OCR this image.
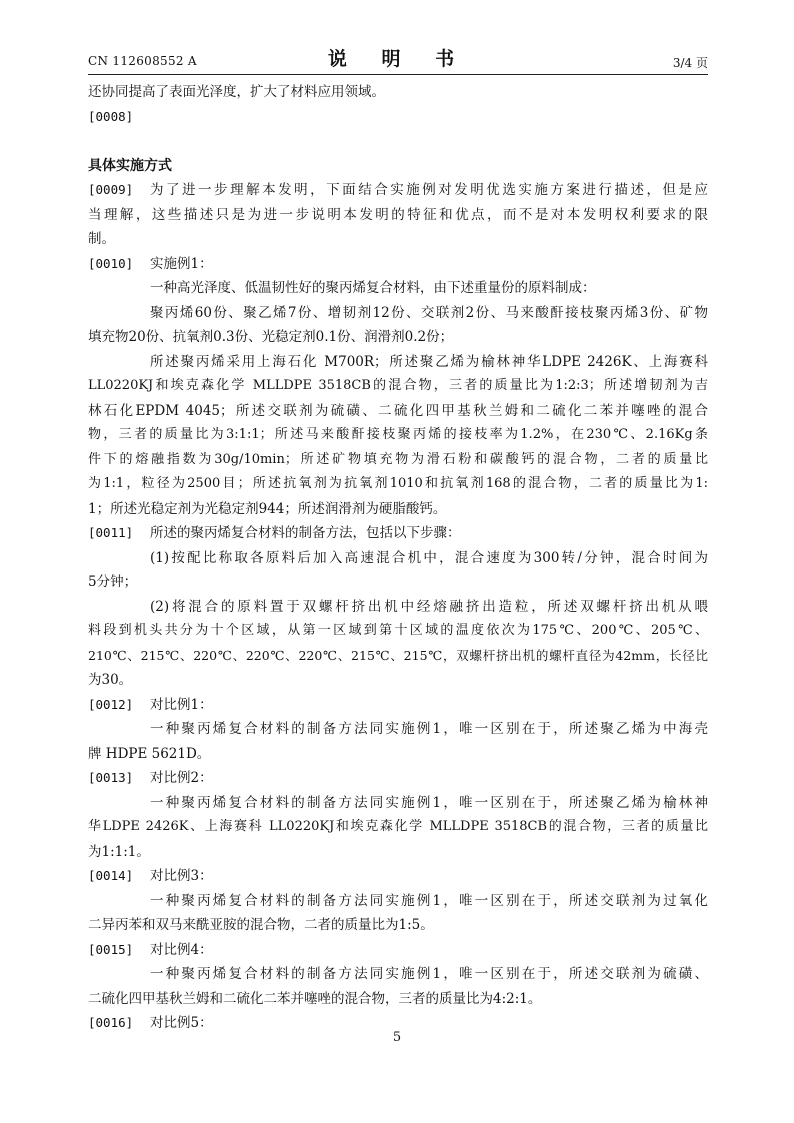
CN 112608552 A	说 明 书	3/4 页
还协同提高了表面光泽度，扩大了材料应用领域。
[0008]
具体实施方式
[0009]	为了进一步理解本发明，下面结合实施例对发明优选实施方案进行描述，但是应
当理解，这些描述只是为进一步说明本发明的特征和优点，而不是对本发明权利要求的限
制。
[0010]	实施例1：
一种高光泽度、低温韧性好的聚丙烯复合材料，由下述重量份的原料制成：
聚丙烯60份、聚乙烯7份、增韧剂12份、交联剂2份、马来酸酐接枝聚丙烯3份、矿物
填充物20份、抗氧剂0.3份、光稳定剂0.1份、润滑剂0.2份；
所述聚丙烯采用上海石化 M700R；所述聚乙烯为榆林神华LDPE 2426K、上海赛科
LL0220KJ和埃克森化学 MLLDPE 3518CB的混合物，三者的质量比为1:2:3；所述增韧剂为吉
林石化EPDM 4045；所述交联剂为硫磺、二硫化四甲基秋兰姆和二硫化二苯并噻唑的混合
物，三者的质量比为3:1:1；所述马来酸酐接枝聚丙烯的接枝率为1.2%，在230℃、2.16Kg条
件下的熔融指数为30g/10min；所述矿物填充物为滑石粉和碳酸钙的混合物，二者的质量比
为1:1，粒径为2500目；所述抗氧剂为抗氧剂1010和抗氧剂168的混合物，二者的质量比为1:
1；所述光稳定剂为光稳定剂944；所述润滑剂为硬脂酸钙。
[0011]	所述的聚丙烯复合材料的制备方法，包括以下步骤：
(1)按配比称取各原料后加入高速混合机中，混合速度为300转/分钟，混合时间为
5分钟；
(2)将混合的原料置于双螺杆挤出机中经熔融挤出造粒，所述双螺杆挤出机从喂
料段到机头共分为十个区域，从第一区域到第十区域的温度依次为175℃、200℃、205℃、
210℃、215℃、220℃、220℃、220℃、215℃、215℃，双螺杆挤出机的螺杆直径为42mm，长径比
为30。
[0012]	对比例1：
一种聚丙烯复合材料的制备方法同实施例1，唯一区别在于，所述聚乙烯为中海壳
牌 HDPE 5621D。
[0013]	对比例2：
一种聚丙烯复合材料的制备方法同实施例1，唯一区别在于，所述聚乙烯为榆林神
华LDPE 2426K、上海赛科 LL0220KJ和埃克森化学 MLLDPE 3518CB的混合物，三者的质量比
为1:1:1。
[0014]	对比例3：
一种聚丙烯复合材料的制备方法同实施例1，唯一区别在于，所述交联剂为过氧化
二异丙苯和双马来酰亚胺的混合物，二者的质量比为1:5。
[0015]	对比例4：
一种聚丙烯复合材料的制备方法同实施例1，唯一区别在于，所述交联剂为硫磺、
二硫化四甲基秋兰姆和二硫化二苯并噻唑的混合物，三者的质量比为4:2:1。
[0016]	对比例5：
5
